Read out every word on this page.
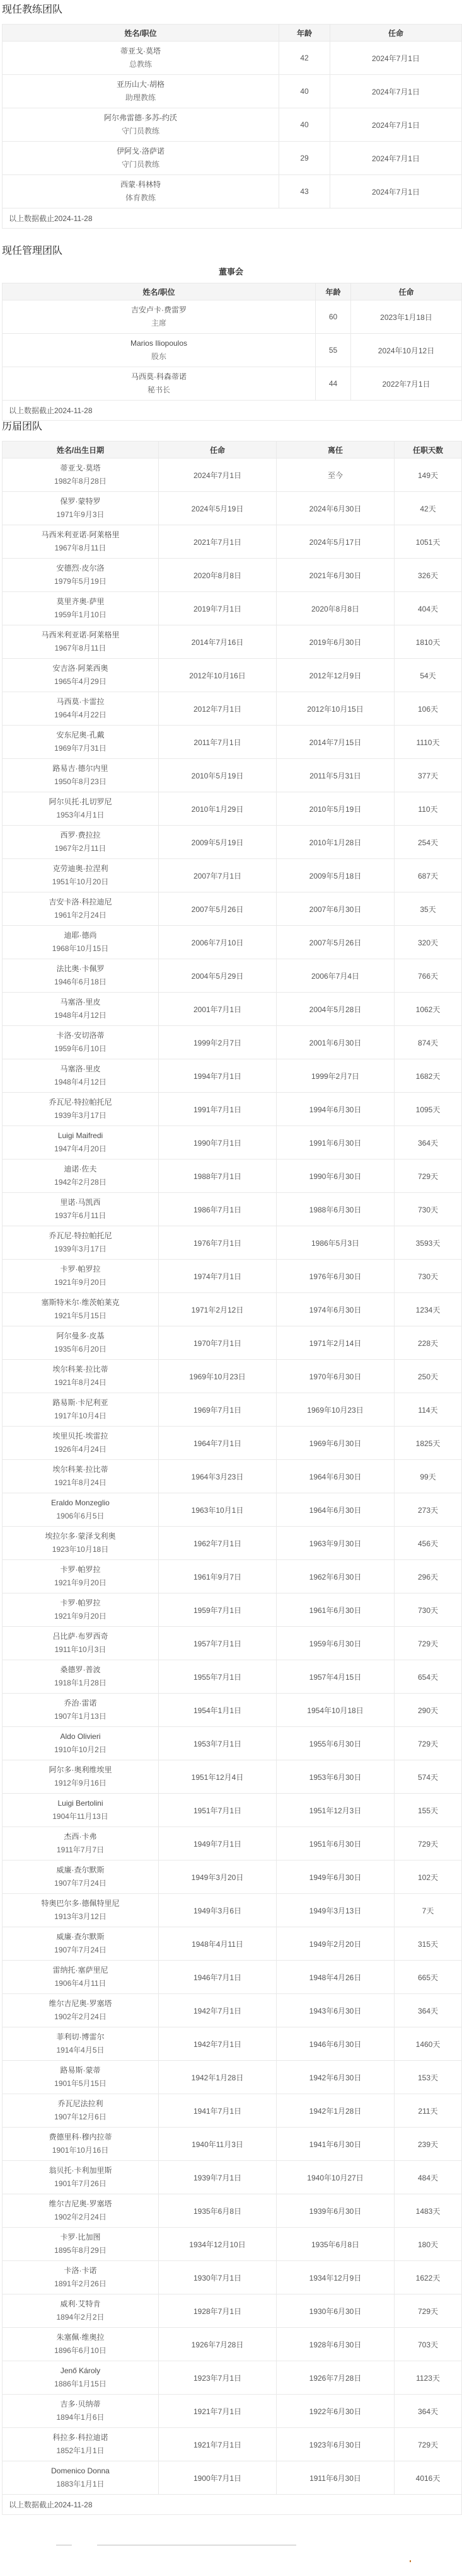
现任教练团队
姓名/职位	年龄	任命

蒂亚戈·莫塔
总教练	42	2024年7月1日

亚历山大·胡格
助理教练	40	2024年7月1日

阿尔弗雷德·多苏-约沃
守门员教练	40	2024年7月1日

伊阿戈·洛萨诺
守门员教练	29	2024年7月1日

西蒙·科林特
体育教练	43	2024年7月1日
以上数据截止2024-11-28		
现任管理团队
董事会
姓名/职位	年龄	任命

吉安卢卡·费雷罗
主席	60	2023年1月18日

Marios Iliopoulos
股东	55	2024年10月12日

马西莫·科森蒂诺
秘书长	44	2022年7月1日
以上数据截止2024-11-28		
历届团队
姓名/出生日期	任命	离任	任职天数

蒂亚戈·莫塔
1982年8月28日	2024年7月1日	至今	149天

保罗·蒙特罗
1971年9月3日	2024年5月19日	2024年6月30日	42天

马西米利亚诺·阿莱格里
1967年8月11日	2021年7月1日	2024年5月17日	1051天

安德烈·皮尔洛
1979年5月19日	2020年8月8日	2021年6月30日	326天

莫里齐奥·萨里
1959年1月10日	2019年7月1日	2020年8月8日	404天

马西米利亚诺·阿莱格里
1967年8月11日	2014年7月16日	2019年6月30日	1810天

安吉洛·阿莱西奥
1965年4月29日	2012年10月16日	2012年12月9日	54天

马西莫·卡雷拉
1964年4月22日	2012年7月1日	2012年10月15日	106天

安东尼奥·孔戴
1969年7月31日	2011年7月1日	2014年7月15日	1110天

路易吉·德尔内里
1950年8月23日	2010年5月19日	2011年5月31日	377天

阿尔贝托·扎切罗尼
1953年4月1日	2010年1月29日	2010年5月19日	110天

西罗·费拉拉
1967年2月11日	2009年5月19日	2010年1月28日	254天

克劳迪奥·拉涅利
1951年10月20日	2007年7月1日	2009年5月18日	687天

吉安卡洛·科拉迪尼
1961年2月24日	2007年5月26日	2007年6月30日	35天

迪耶·德尚
1968年10月15日	2006年7月10日	2007年5月26日	320天

法比奥·卡佩罗
1946年6月18日	2004年5月29日	2006年7月4日	766天

马塞洛·里皮
1948年4月12日	2001年7月1日	2004年5月28日	1062天

卡洛·安切洛蒂
1959年6月10日	1999年2月7日	2001年6月30日	874天

马塞洛·里皮
1948年4月12日	1994年7月1日	1999年2月7日	1682天

乔瓦尼·特拉帕托尼
1939年3月17日	1991年7月1日	1994年6月30日	1095天

Luigi Maifredi
1947年4月20日	1990年7月1日	1991年6月30日	364天

迪诺·佐夫
1942年2月28日	1988年7月1日	1990年6月30日	729天

里诺·马凯西
1937年6月11日	1986年7月1日	1988年6月30日	730天

乔瓦尼·特拉帕托尼
1939年3月17日	1976年7月1日	1986年5月3日	3593天

卡罗·帕罗拉
1921年9月20日	1974年7月1日	1976年6月30日	730天

塞斯特米尔·维茨帕莱克
1921年5月15日	1971年2月12日	1974年6月30日	1234天

阿尔曼多·皮基
1935年6月20日	1970年7月1日	1971年2月14日	228天

埃尔科莱·拉比蒂
1921年8月24日	1969年10月23日	1970年6月30日	250天

路易斯·卡尼利亚
1917年10月4日	1969年7月1日	1969年10月23日	114天

埃里贝托·埃雷拉
1926年4月24日	1964年7月1日	1969年6月30日	1825天

埃尔科莱·拉比蒂
1921年8月24日	1964年3月23日	1964年6月30日	99天

Eraldo Monzeglio
1906年6月5日	1963年10月1日	1964年6月30日	273天

埃拉尔多·蒙泽戈利奥
1923年10月18日	1962年7月1日	1963年9月30日	456天

卡罗·帕罗拉
1921年9月20日	1961年9月7日	1962年6月30日	296天

卡罗·帕罗拉
1921年9月20日	1959年7月1日	1961年6月30日	730天

吕比萨·布罗西奇
1911年10月3日	1957年7月1日	1959年6月30日	729天

桑德罗·普波
1918年1月28日	1955年7月1日	1957年4月15日	654天

乔治·雷诺
1907年1月13日	1954年1月1日	1954年10月18日	290天

Aldo Olivieri
1910年10月2日	1953年7月1日	1955年6月30日	729天

阿尔多·奥利维埃里
1912年9月16日	1951年12月4日	1953年6月30日	574天

Luigi Bertolini
1904年11月13日	1951年7月1日	1951年12月3日	155天

杰西·卡弗
1911年7月7日	1949年7月1日	1951年6月30日	729天

威廉·查尔默斯
1907年7月24日	1949年3月20日	1949年6月30日	102天

特奥巴尔多·德佩特里尼
1913年3月12日	1949年3月6日	1949年3月13日	7天

威廉·查尔默斯
1907年7月24日	1948年4月11日	1949年2月20日	315天

雷纳托·塞萨里尼
1906年4月11日	1946年7月1日	1948年4月26日	665天

维尔吉尼奥·罗塞塔
1902年2月24日	1942年7月1日	1943年6月30日	364天

菲利切·博雷尔
1914年4月5日	1942年7月1日	1946年6月30日	1460天

路易斯·蒙蒂
1901年5月15日	1942年1月28日	1942年6月30日	153天

乔瓦尼法拉利
1907年12月6日	1941年7月1日	1942年1月28日	211天

费德里科·穆内拉蒂
1901年10月16日	1940年11月3日	1941年6月30日	239天

翁贝托·卡利加里斯
1901年7月26日	1939年7月1日	1940年10月27日	484天

维尔吉尼奥·罗塞塔
1902年2月24日	1935年6月8日	1939年6月30日	1483天

卡罗·比加图
1895年8月29日	1934年12月10日	1935年6月8日	180天

卡洛·卡诺
1891年2月26日	1930年7月1日	1934年12月9日	1622天

威利·艾特肯
1894年2月2日	1928年7月1日	1930年6月30日	729天

朱塞佩·维奥拉
1896年6月10日	1926年7月28日	1928年6月30日	703天

Jenő Károly
1886年1月15日	1923年7月1日	1926年7月28日	1123天

吉多·贝纳蒂
1894年1月6日	1921年7月1日	1922年6月30日	364天

科拉多·科拉迪诺
1852年1月1日	1921年7月1日	1923年6月30日	729天

Domenico Donna
1883年1月1日	1900年7月1日	1911年6月30日	4016天
以上数据截止2024-11-28			
